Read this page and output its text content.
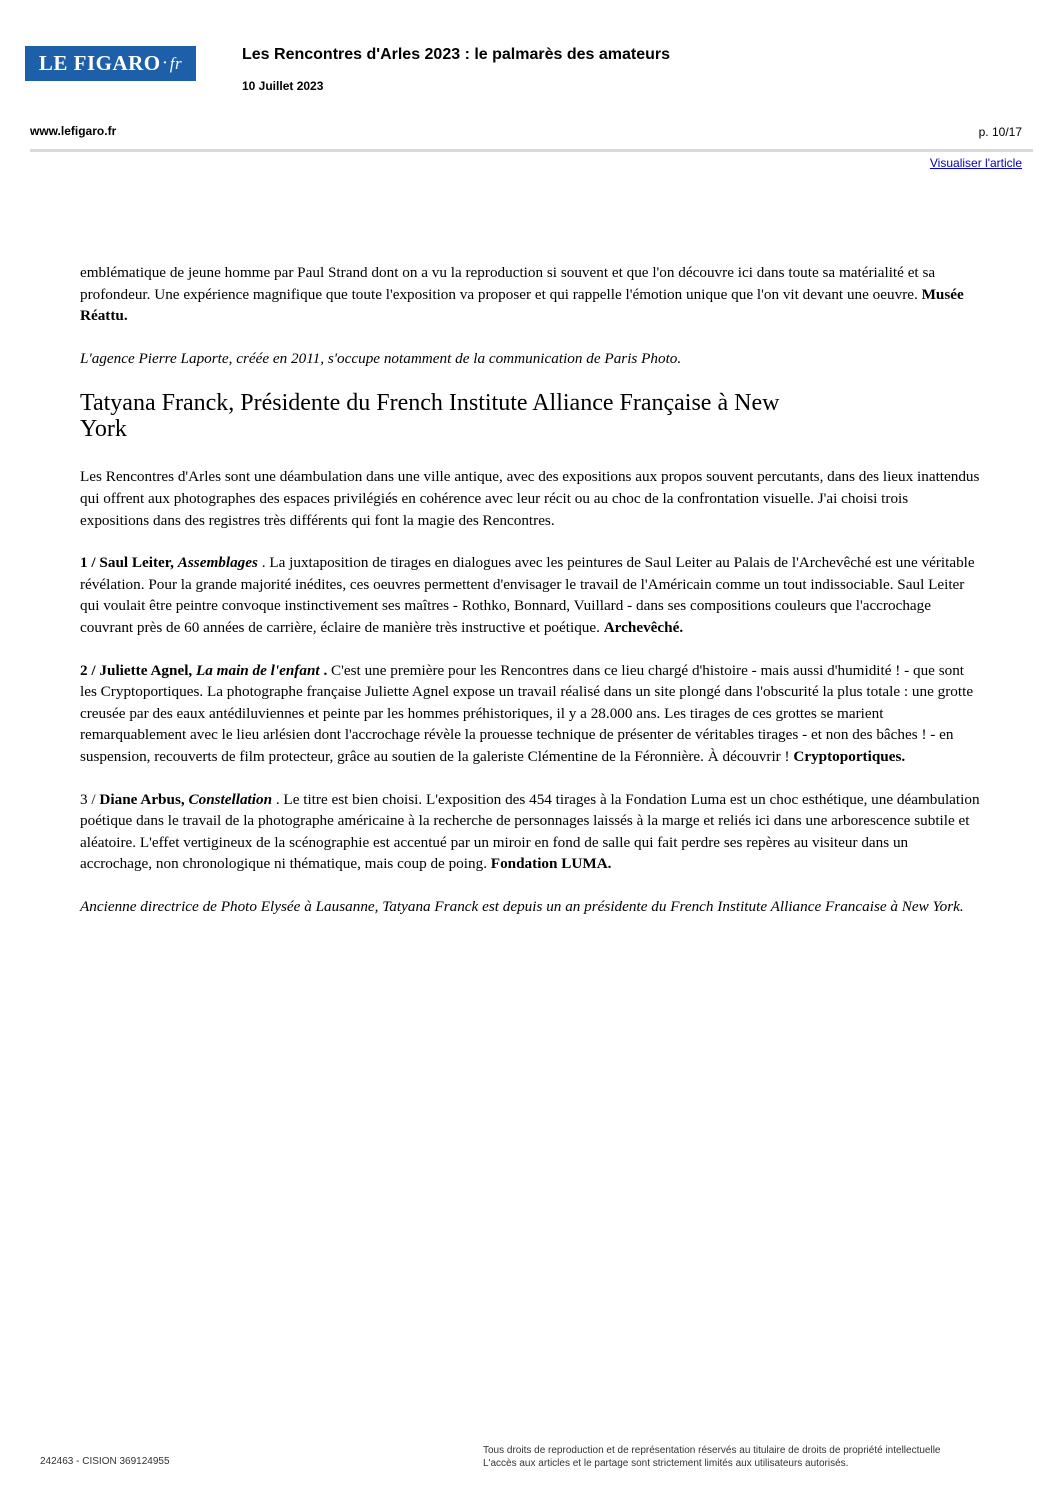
LE FIGARO · fr	Les Rencontres d'Arles 2023 : le palmarès des amateurs
10 Juillet 2023
www.lefigaro.fr	p. 10/17
Visualiser l'article

emblématique de jeune homme par Paul Strand dont on a vu la reproduction si souvent et que l'on découvre ici dans toute sa matérialité et sa profondeur. Une expérience magnifique que toute l'exposition va proposer et qui rappelle l'émotion unique que l'on vit devant une oeuvre. Musée Réattu.

L'agence Pierre Laporte, créée en 2011, s'occupe notamment de la communication de Paris Photo.

Tatyana Franck, Présidente du French Institute Alliance Française à New York

Les Rencontres d'Arles sont une déambulation dans une ville antique, avec des expositions aux propos souvent percutants, dans des lieux inattendus qui offrent aux photographes des espaces privilégiés en cohérence avec leur récit ou au choc de la confrontation visuelle. J'ai choisi trois expositions dans des registres très différents qui font la magie des Rencontres.

1 / Saul Leiter, Assemblages . La juxtaposition de tirages en dialogues avec les peintures de Saul Leiter au Palais de l'Archevêché est une véritable révélation. Pour la grande majorité inédites, ces oeuvres permettent d'envisager le travail de l'Américain comme un tout indissociable. Saul Leiter qui voulait être peintre convoque instinctivement ses maîtres - Rothko, Bonnard, Vuillard - dans ses compositions couleurs que l'accrochage couvrant près de 60 années de carrière, éclaire de manière très instructive et poétique. Archevêché.

2 / Juliette Agnel, La main de l'enfant . C'est une première pour les Rencontres dans ce lieu chargé d'histoire - mais aussi d'humidité ! - que sont les Cryptoportiques. La photographe française Juliette Agnel expose un travail réalisé dans un site plongé dans l'obscurité la plus totale : une grotte creusée par des eaux antédiluviennes et peinte par les hommes préhistoriques, il y a 28.000 ans. Les tirages de ces grottes se marient remarquablement avec le lieu arlésien dont l'accrochage révèle la prouesse technique de présenter de véritables tirages - et non des bâches ! - en suspension, recouverts de film protecteur, grâce au soutien de la galeriste Clémentine de la Féronnière. À découvrir ! Cryptoportiques.

3 / Diane Arbus, Constellation . Le titre est bien choisi. L'exposition des 454 tirages à la Fondation Luma est un choc esthétique, une déambulation poétique dans le travail de la photographe américaine à la recherche de personnages laissés à la marge et reliés ici dans une arborescence subtile et aléatoire. L'effet vertigineux de la scénographie est accentué par un miroir en fond de salle qui fait perdre ses repères au visiteur dans un accrochage, non chronologique ni thématique, mais coup de poing. Fondation LUMA.

Ancienne directrice de Photo Elysée à Lausanne, Tatyana Franck est depuis un an présidente du French Institute Alliance Francaise à New York.

242463 - CISION 369124955
Tous droits de reproduction et de représentation réservés au titulaire de droits de propriété intellectuelle
L'accès aux articles et le partage sont strictement limités aux utilisateurs autorisés.
